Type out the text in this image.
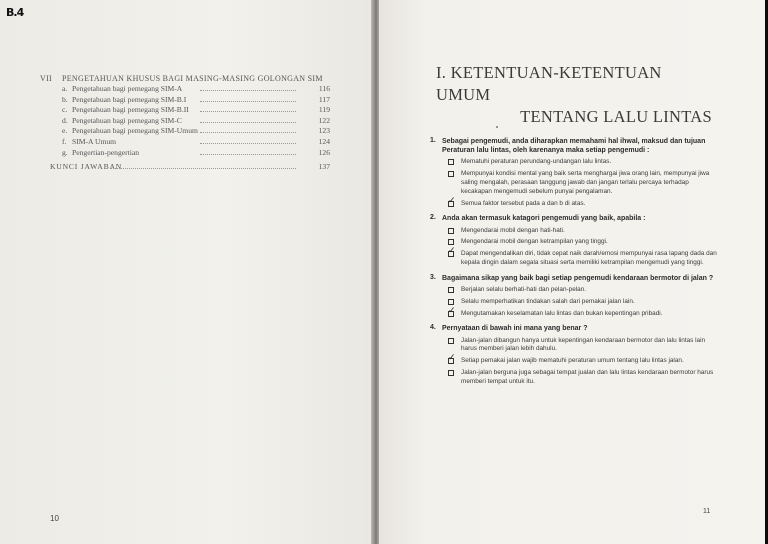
B.4
VII PENGETAHUAN KHUSUS BAGI MASING-MASING GOLONGAN SIM
a. Pengetahuan bagi pemegang SIM-A	116
b. Pengetahuan bagi pemegang SIM-B.I	117
c. Pengetahuan bagi pemegang SIM-B.II	119
d. Pengetahuan bagi pemegang SIM-C	122
e. Pengetahuan bagi pemegang SIM-Umum	123
f. SIM-A Umum	124
g. Pengertian-pengertian	126
KUNCI JAWABAN	137
10
I. KETENTUAN-KETENTUAN UMUM
TENTANG LALU LINTAS
1. Sebagai pengemudi, anda diharapkan memahami hal ihwal, maksud dan tujuan Peraturan lalu lintas, oleh karenanya maka setiap pengemudi :
Mematuhi peraturan perundang-undangan lalu lintas.
Mempunyai kondisi mental yang baik serta menghargai jiwa orang lain, mempunyai jiwa saling mengalah, perasaan tanggung jawab dan jangan terlalu percaya terhadap kecakapan mengemudi sebelum punyai pengalaman.
✓
Semua faktor tersebut pada a dan b di atas.
2. Anda akan termasuk katagori pengemudi yang baik, apabila :
Mengendarai mobil dengan hati-hati.
Mengendarai mobil dengan ketrampilan yang tinggi.
✓
Dapat mengendalikan diri, tidak cepat naik darah/emosi mempunyai rasa lapang dada dan kepala dingin dalam segala situasi serta memiliki ketrampilan mengemudi yang tinggi.
3. Bagaimana sikap yang baik bagi setiap pengemudi kendaraan bermotor di jalan ?
Berjalan selalu berhati-hati dan pelan-pelan.
Selalu memperhatikan tindakan salah dari pemakai jalan lain.
✓
Mengutamakan keselamatan lalu lintas dan bukan kepentingan pribadi.
4. Pernyataan di bawah ini mana yang benar ?
Jalan-jalan dibangun hanya untuk kepentingan kendaraan bermotor dan lalu lintas lain harus memberi jalan lebih dahulu.
✓
Setiap pemakai jalan wajib mematuhi peraturan umum tentang lalu lintas jalan.
Jalan-jalan berguna juga sebagai tempat jualan dan lalu lintas kendaraan bermotor harus memberi tempat untuk itu.
11
